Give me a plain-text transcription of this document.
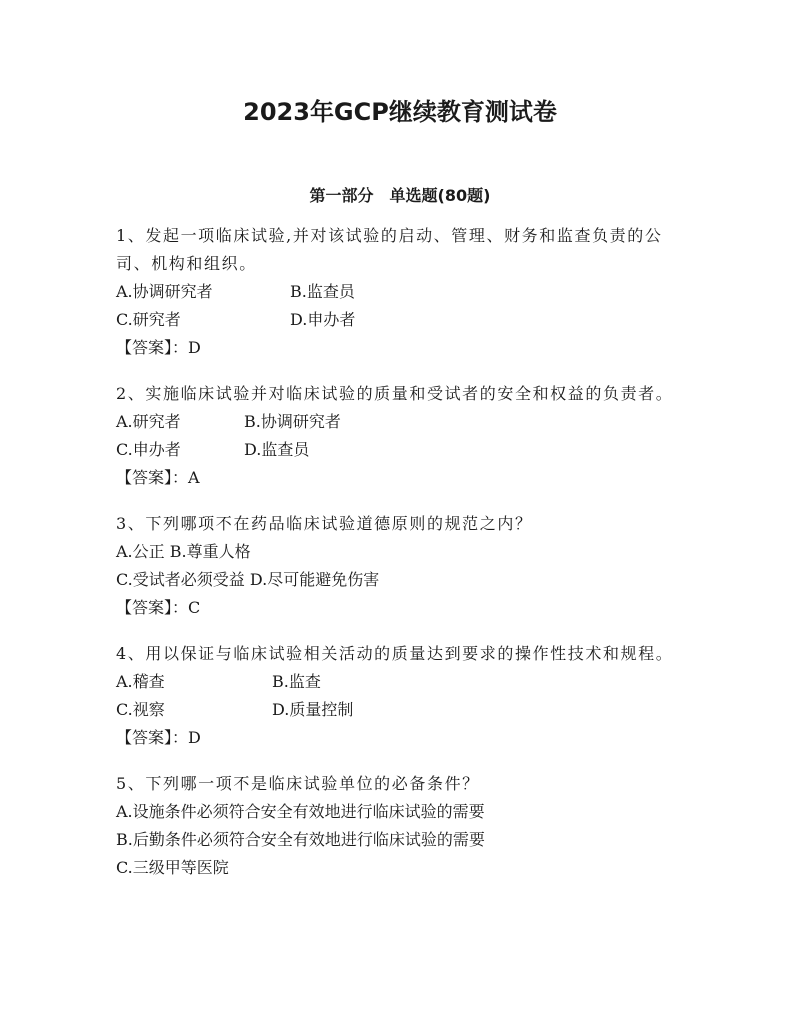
2023年GCP继续教育测试卷
第一部分　单选题(80题)
1、发起一项临床试验,并对该试验的启动、管理、财务和监查负责的公司、机构和组织。
A.协调研究者	B.监查员
C.研究者	D.申办者
【答案】：D
2、实施临床试验并对临床试验的质量和受试者的安全和权益的负责者。
A.研究者	B.协调研究者
C.申办者	D.监查员
【答案】：A
3、下列哪项不在药品临床试验道德原则的规范之内？
A.公正 B.尊重人格
C.受试者必须受益 D.尽可能避免伤害
【答案】：C
4、用以保证与临床试验相关活动的质量达到要求的操作性技术和规程。
A.稽查	B.监查
C.视察	D.质量控制
【答案】：D
5、下列哪一项不是临床试验单位的必备条件？
A.设施条件必须符合安全有效地进行临床试验的需要
B.后勤条件必须符合安全有效地进行临床试验的需要
C.三级甲等医院
